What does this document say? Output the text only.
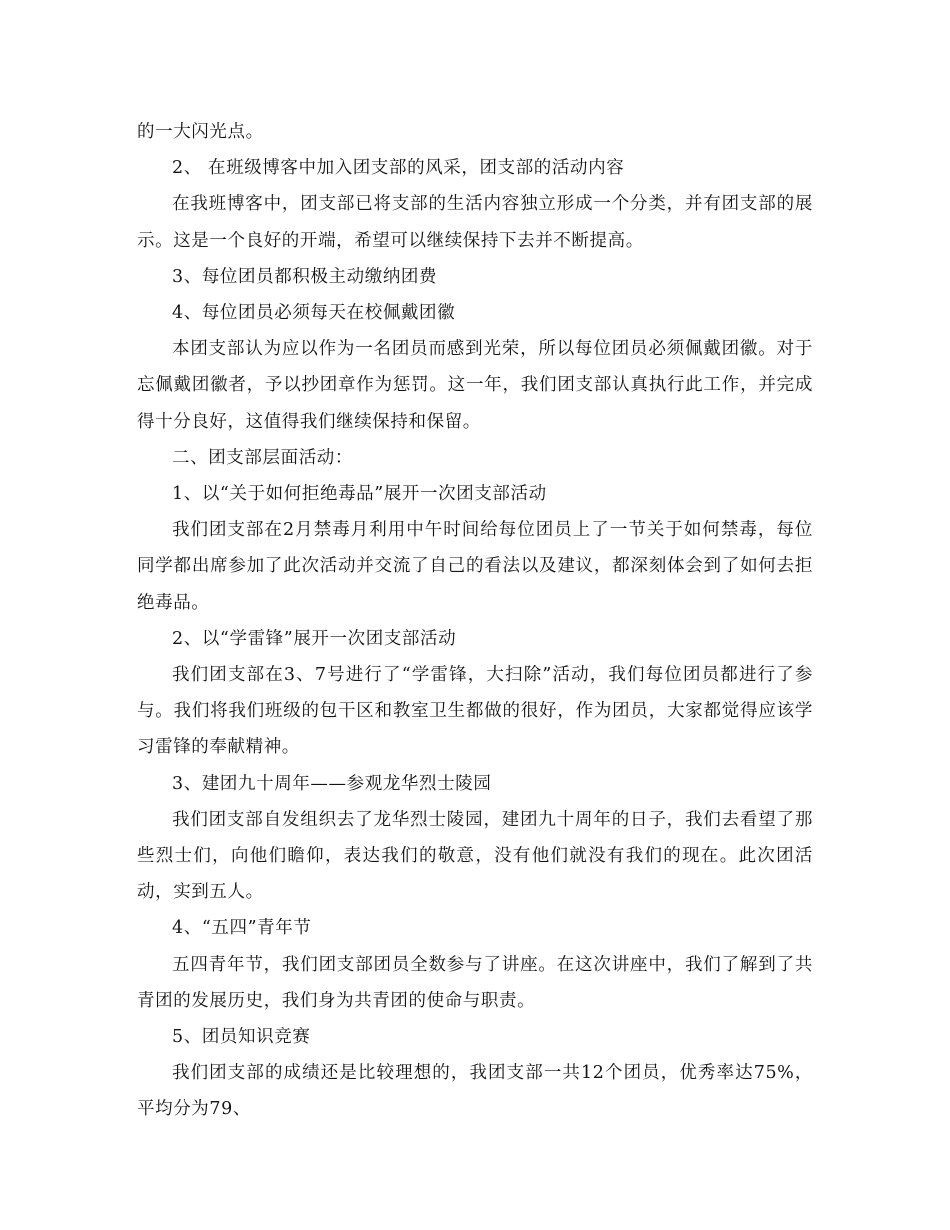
的一大闪光点。

2、 在班级博客中加入团支部的风采，团支部的活动内容

在我班博客中，团支部已将支部的生活内容独立形成一个分类，并有团支部的展示。这是一个良好的开端，希望可以继续保持下去并不断提高。

3、每位团员都积极主动缴纳团费

4、每位团员必须每天在校佩戴团徽

本团支部认为应以作为一名团员而感到光荣，所以每位团员必须佩戴团徽。对于忘佩戴团徽者，予以抄团章作为惩罚。这一年，我们团支部认真执行此工作，并完成得十分良好，这值得我们继续保持和保留。

二、团支部层面活动：

1、以“关于如何拒绝毒品”展开一次团支部活动

我们团支部在2月禁毒月利用中午时间给每位团员上了一节关于如何禁毒，每位同学都出席参加了此次活动并交流了自己的看法以及建议，都深刻体会到了如何去拒绝毒品。

2、以“学雷锋”展开一次团支部活动

我们团支部在3、7号进行了“学雷锋，大扫除”活动，我们每位团员都进行了参与。我们将我们班级的包干区和教室卫生都做的很好，作为团员，大家都觉得应该学习雷锋的奉献精神。

3、建团九十周年——参观龙华烈士陵园

我们团支部自发组织去了龙华烈士陵园，建团九十周年的日子，我们去看望了那些烈士们，向他们瞻仰，表达我们的敬意，没有他们就没有我们的现在。此次团活动，实到五人。

4、“五四”青年节

五四青年节，我们团支部团员全数参与了讲座。在这次讲座中，我们了解到了共青团的发展历史，我们身为共青团的使命与职责。

5、团员知识竞赛

我们团支部的成绩还是比较理想的，我团支部一共12个团员，优秀率达75%，平均分为79、
